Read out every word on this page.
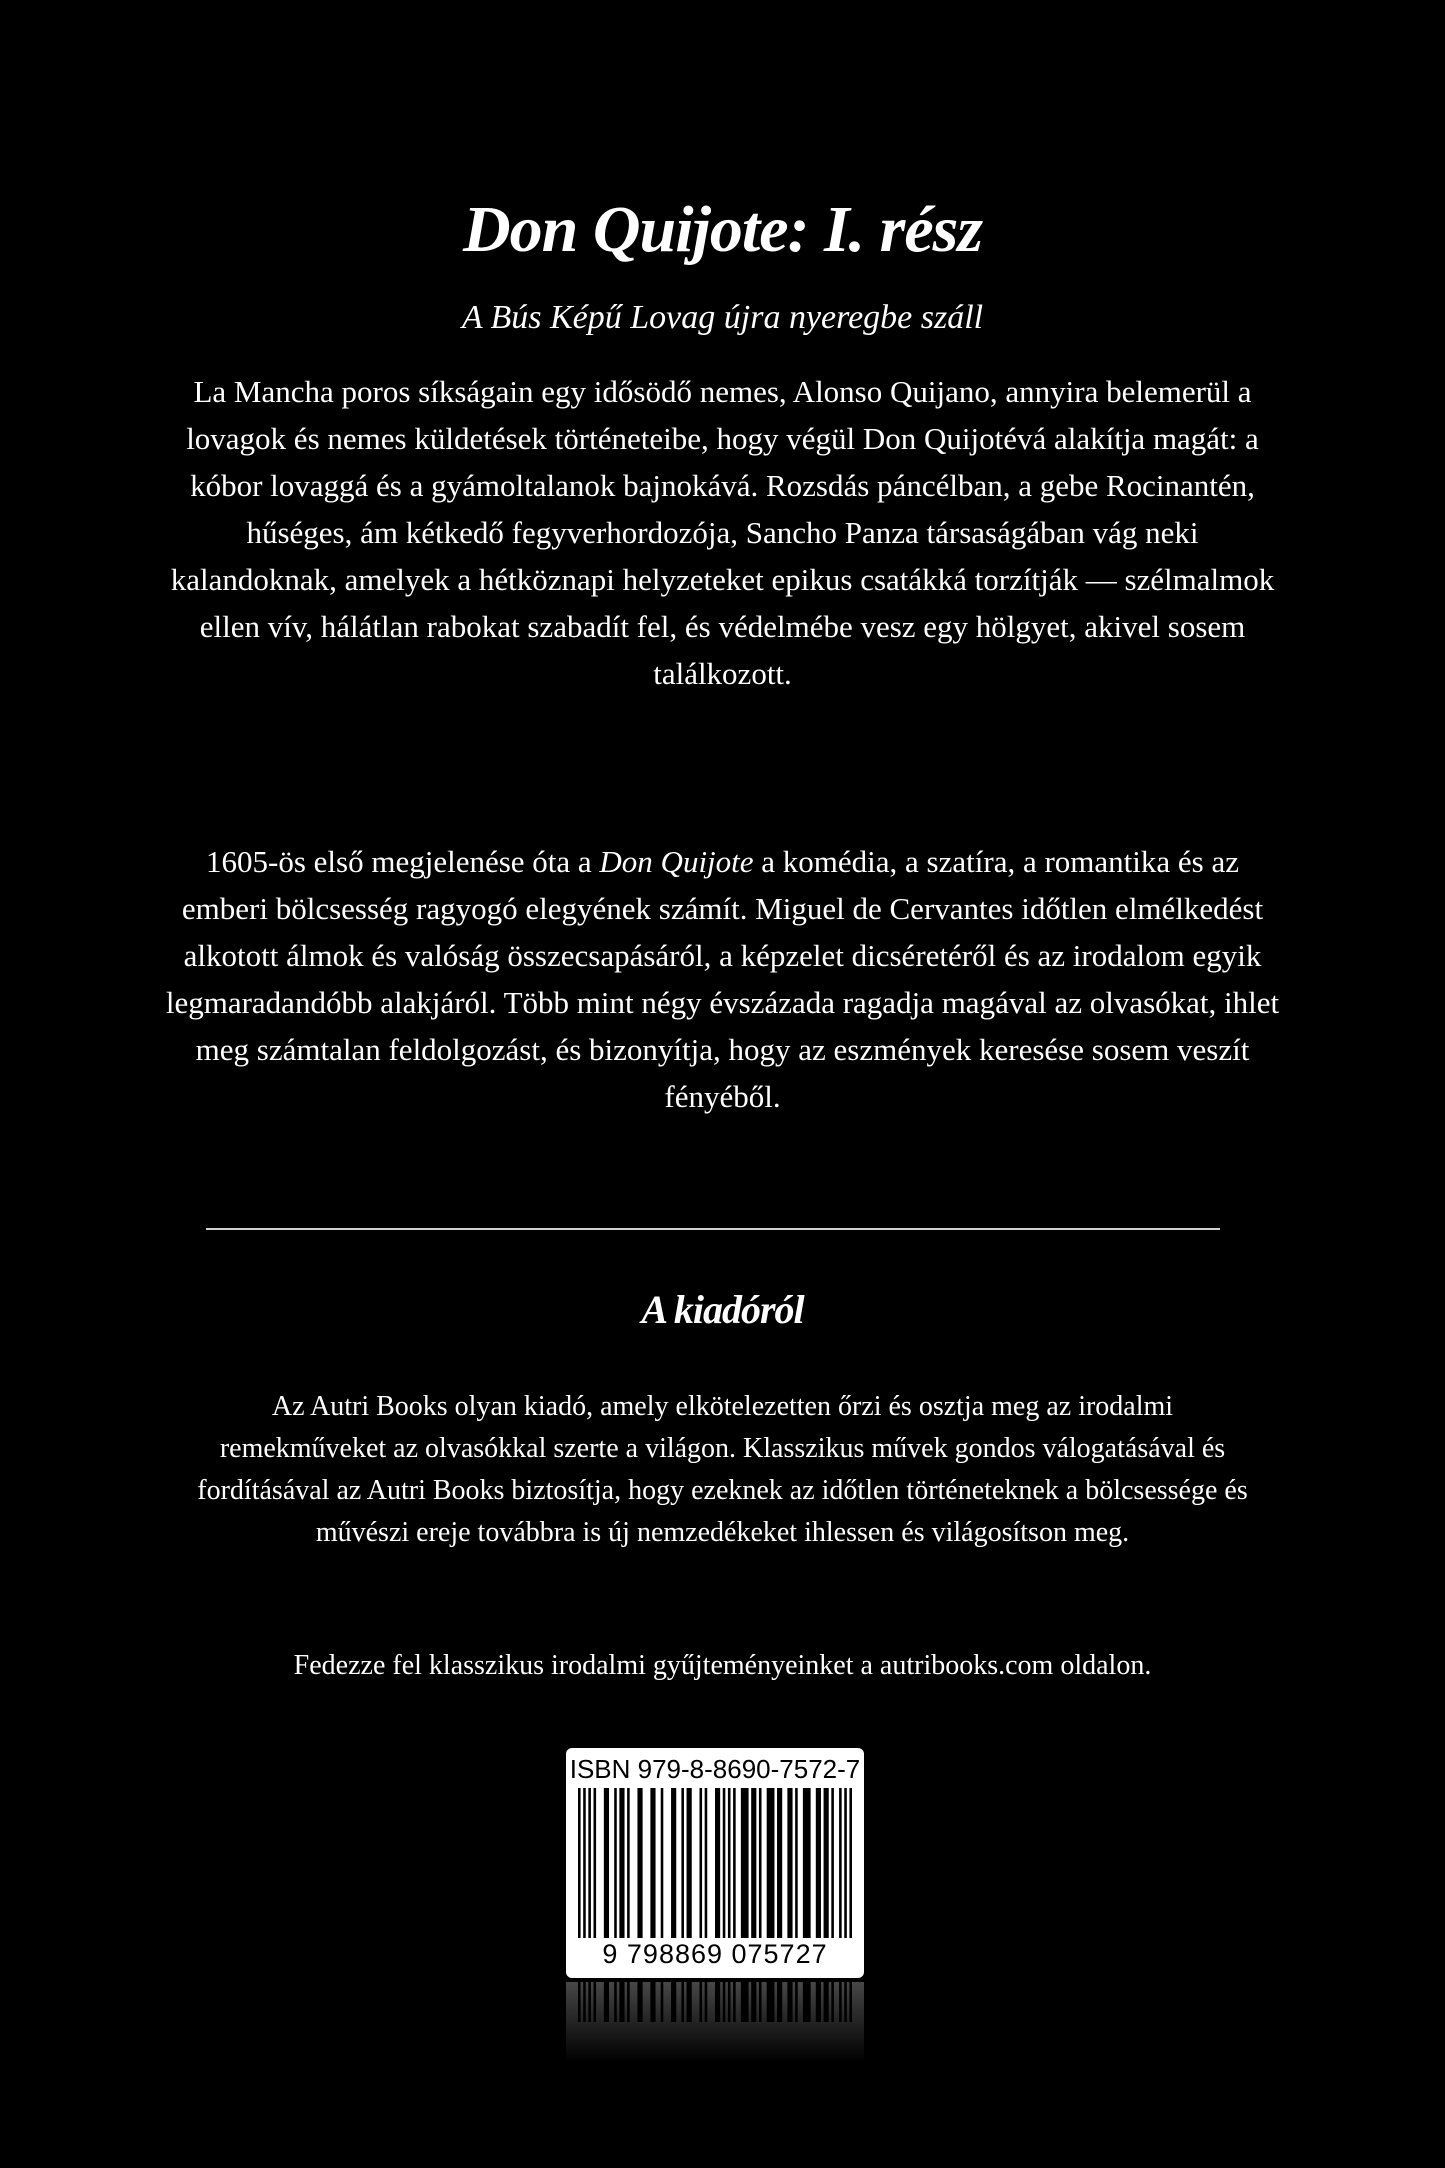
Don Quijote: I. rész
A Bús Képű Lovag újra nyeregbe száll
La Mancha poros síkságain egy idősödő nemes, Alonso Quijano, annyira belemerül a lovagok és nemes küldetések történeteibe, hogy végül Don Quijotévá alakítja magát: a kóbor lovaggá és a gyámoltalanok bajnokává. Rozsdás páncélban, a gebe Rocinantén, hűséges, ám kétkedő fegyverhordozója, Sancho Panza társaságában vág neki kalandoknak, amelyek a hétköznapi helyzeteket epikus csatákká torzítják — szélmalmok ellen vív, hálátlan rabokat szabadít fel, és védelmébe vesz egy hölgyet, akivel sosem találkozott.
1605-ös első megjelenése óta a Don Quijote a komédia, a szatíra, a romantika és az emberi bölcsesség ragyogó elegyének számít. Miguel de Cervantes időtlen elmélkedést alkotott álmok és valóság összecsapásáról, a képzelet dicséretéről és az irodalom egyik legmaradandóbb alakjáról. Több mint négy évszázada ragadja magával az olvasókat, ihlet meg számtalan feldolgozást, és bizonyítja, hogy az eszmények keresése sosem veszít fényéből.
A kiadóról
Az Autri Books olyan kiadó, amely elkötelezetten őrzi és osztja meg az irodalmi remekműveket az olvasókkal szerte a világon. Klasszikus művek gondos válogatásával és fordításával az Autri Books biztosítja, hogy ezeknek az időtlen történeteknek a bölcsessége és művészi ereje továbbra is új nemzedékeket ihlessen és világosítson meg.
Fedezze fel klasszikus irodalmi gyűjteményeinket a autribooks.com oldalon.
ISBN 979-8-8690-7572-7
9 798869 075727
